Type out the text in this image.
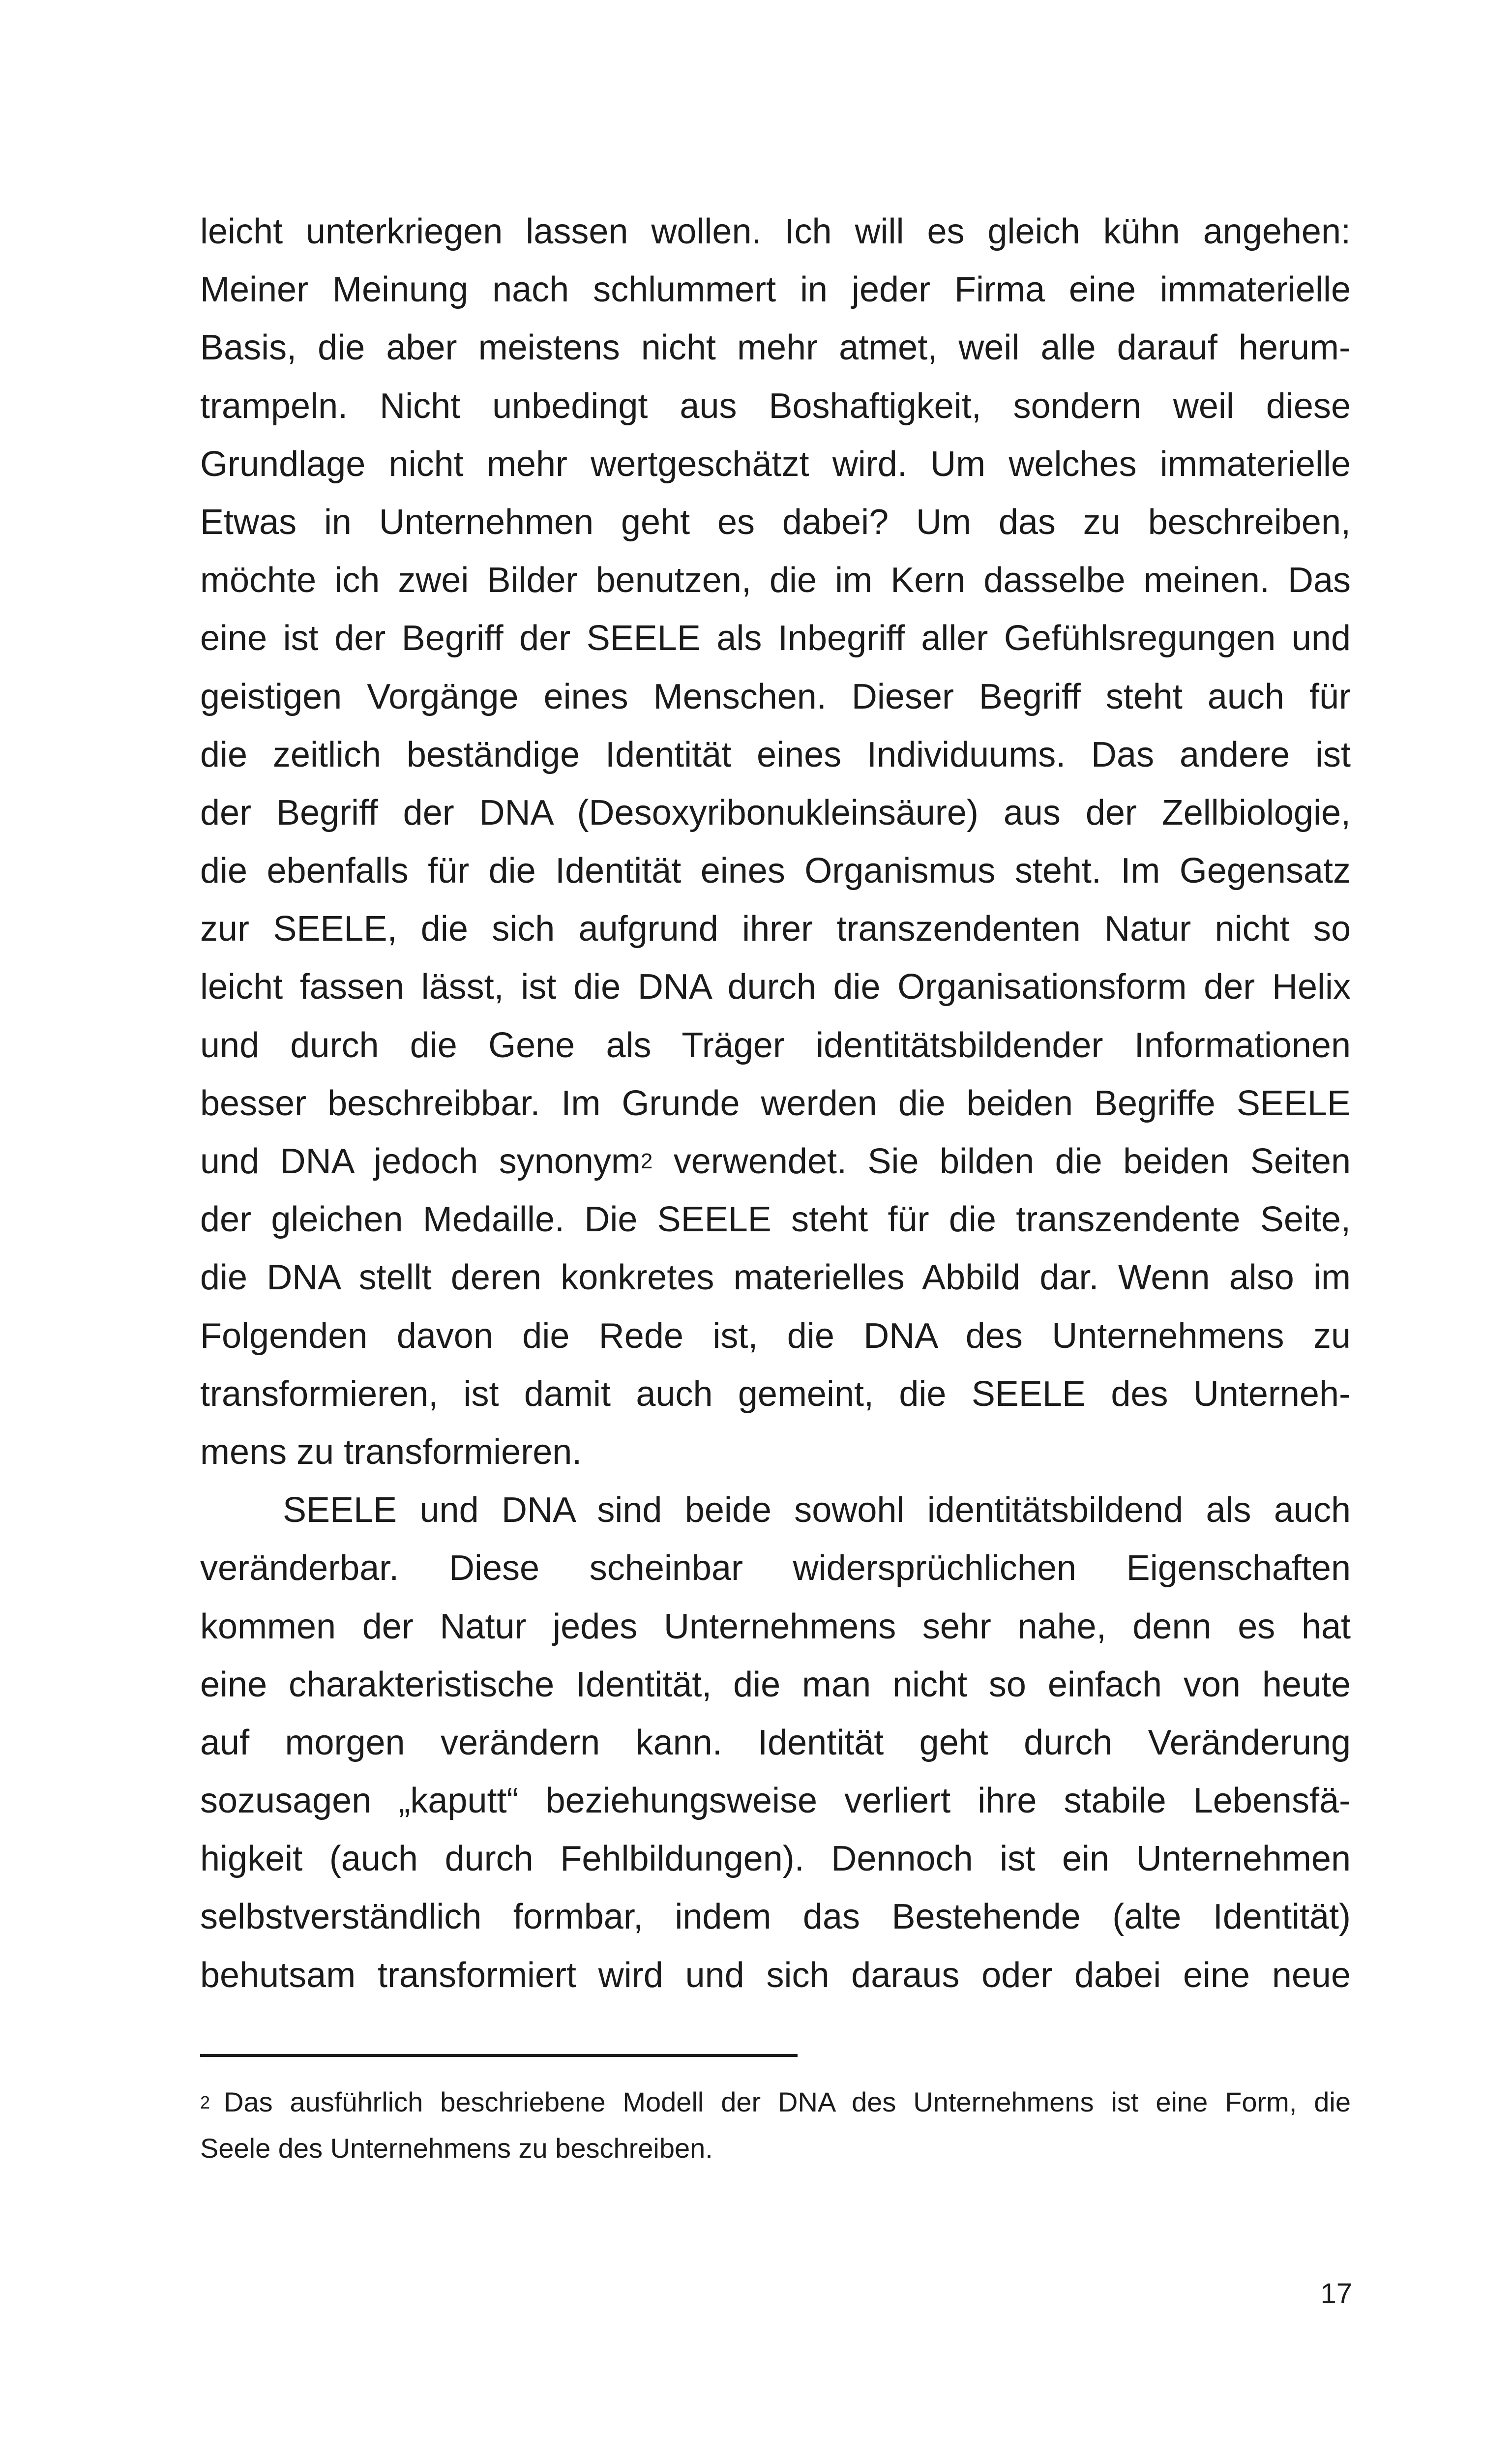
leicht unterkriegen lassen wollen. Ich will es gleich kühn angehen:
Meiner Meinung nach schlummert in jeder Firma eine immaterielle
Basis, die aber meistens nicht mehr atmet, weil alle darauf herum-
trampeln. Nicht unbedingt aus Boshaftigkeit, sondern weil diese
Grundlage nicht mehr wertgeschätzt wird. Um welches immaterielle
Etwas in Unternehmen geht es dabei? Um das zu beschreiben,
möchte ich zwei Bilder benutzen, die im Kern dasselbe meinen. Das
eine ist der Begriff der SEELE als Inbegriff aller Gefühlsregungen und
geistigen Vorgänge eines Menschen. Dieser Begriff steht auch für
die zeitlich beständige Identität eines Individuums. Das andere ist
der Begriff der DNA (Desoxyribonukleinsäure) aus der Zellbiologie,
die ebenfalls für die Identität eines Organismus steht. Im Gegensatz
zur SEELE, die sich aufgrund ihrer transzendenten Natur nicht so
leicht fassen lässt, ist die DNA durch die Organisationsform der Helix
und durch die Gene als Träger identitätsbildender Informationen
besser beschreibbar. Im Grunde werden die beiden Begriffe SEELE
und DNA jedoch synonym$^2$ verwendet. Sie bilden die beiden Seiten
der gleichen Medaille. Die SEELE steht für die transzendente Seite,
die DNA stellt deren konkretes materielles Abbild dar. Wenn also im
Folgenden davon die Rede ist, die DNA des Unternehmens zu
transformieren, ist damit auch gemeint, die SEELE des Unterneh-
mens zu transformieren.
SEELE und DNA sind beide sowohl identitätsbildend als auch
veränderbar. Diese scheinbar widersprüchlichen Eigenschaften
kommen der Natur jedes Unternehmens sehr nahe, denn es hat
eine charakteristische Identität, die man nicht so einfach von heute
auf morgen verändern kann. Identität geht durch Veränderung
sozusagen „kaputt“ beziehungsweise verliert ihre stabile Lebensfä-
higkeit (auch durch Fehlbildungen). Dennoch ist ein Unternehmen
selbstverständlich formbar, indem das Bestehende (alte Identität)
behutsam transformiert wird und sich daraus oder dabei eine neue
$^2$ Das ausführlich beschriebene Modell der DNA des Unternehmens ist eine Form, die
Seele des Unternehmens zu beschreiben.
17
